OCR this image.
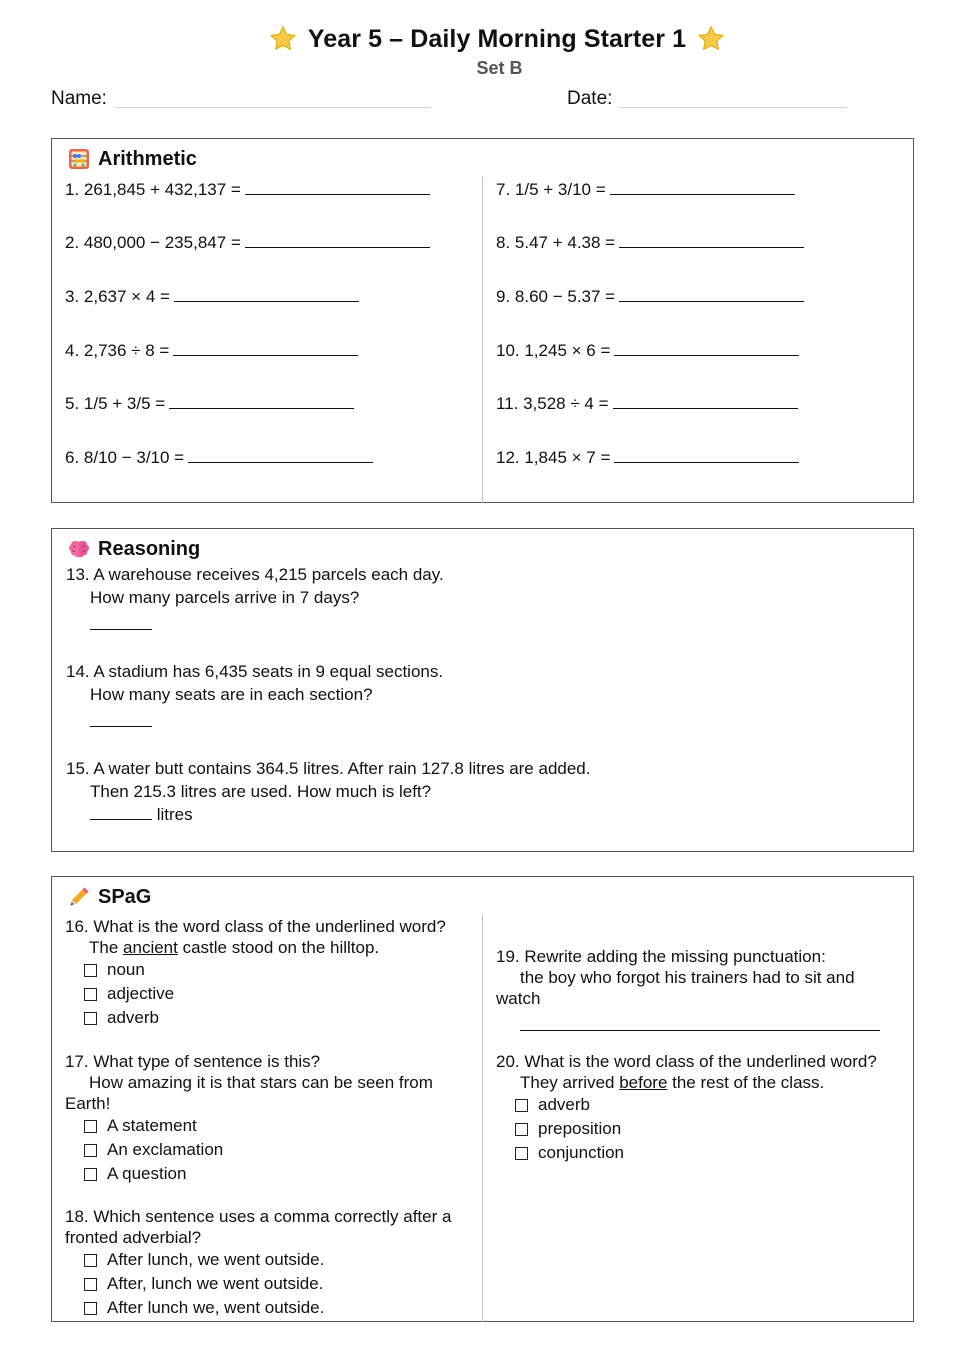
Year 5 – Daily Morning Starter 1
Set B
Name:	Date:
Arithmetic
1. 261,845 + 432,137 =
2. 480,000 − 235,847 =
3. 2,637 × 4 =
4. 2,736 ÷ 8 =
5. 1/5 + 3/5 =
6. 8/10 − 3/10 =
7. 1/5 + 3/10 =
8. 5.47 + 4.38 =
9. 8.60 − 5.37 =
10. 1,245 × 6 =
11. 3,528 ÷ 4 =
12. 1,845 × 7 =
Reasoning
13. A warehouse receives 4,215 parcels each day.
How many parcels arrive in 7 days?
14. A stadium has 6,435 seats in 9 equal sections.
How many seats are in each section?
15. A water butt contains 364.5 litres. After rain 127.8 litres are added.
Then 215.3 litres are used. How much is left?
litres
SPaG
16. What is the word class of the underlined word?
The ancient castle stood on the hilltop.
noun
adjective
adverb
17. What type of sentence is this?
How amazing it is that stars can be seen from
Earth!
A statement
An exclamation
A question
18. Which sentence uses a comma correctly after a
fronted adverbial?
After lunch, we went outside.
After, lunch we went outside.
After lunch we, went outside.
19. Rewrite adding the missing punctuation:
the boy who forgot his trainers had to sit and
watch
20. What is the word class of the underlined word?
They arrived before the rest of the class.
adverb
preposition
conjunction
